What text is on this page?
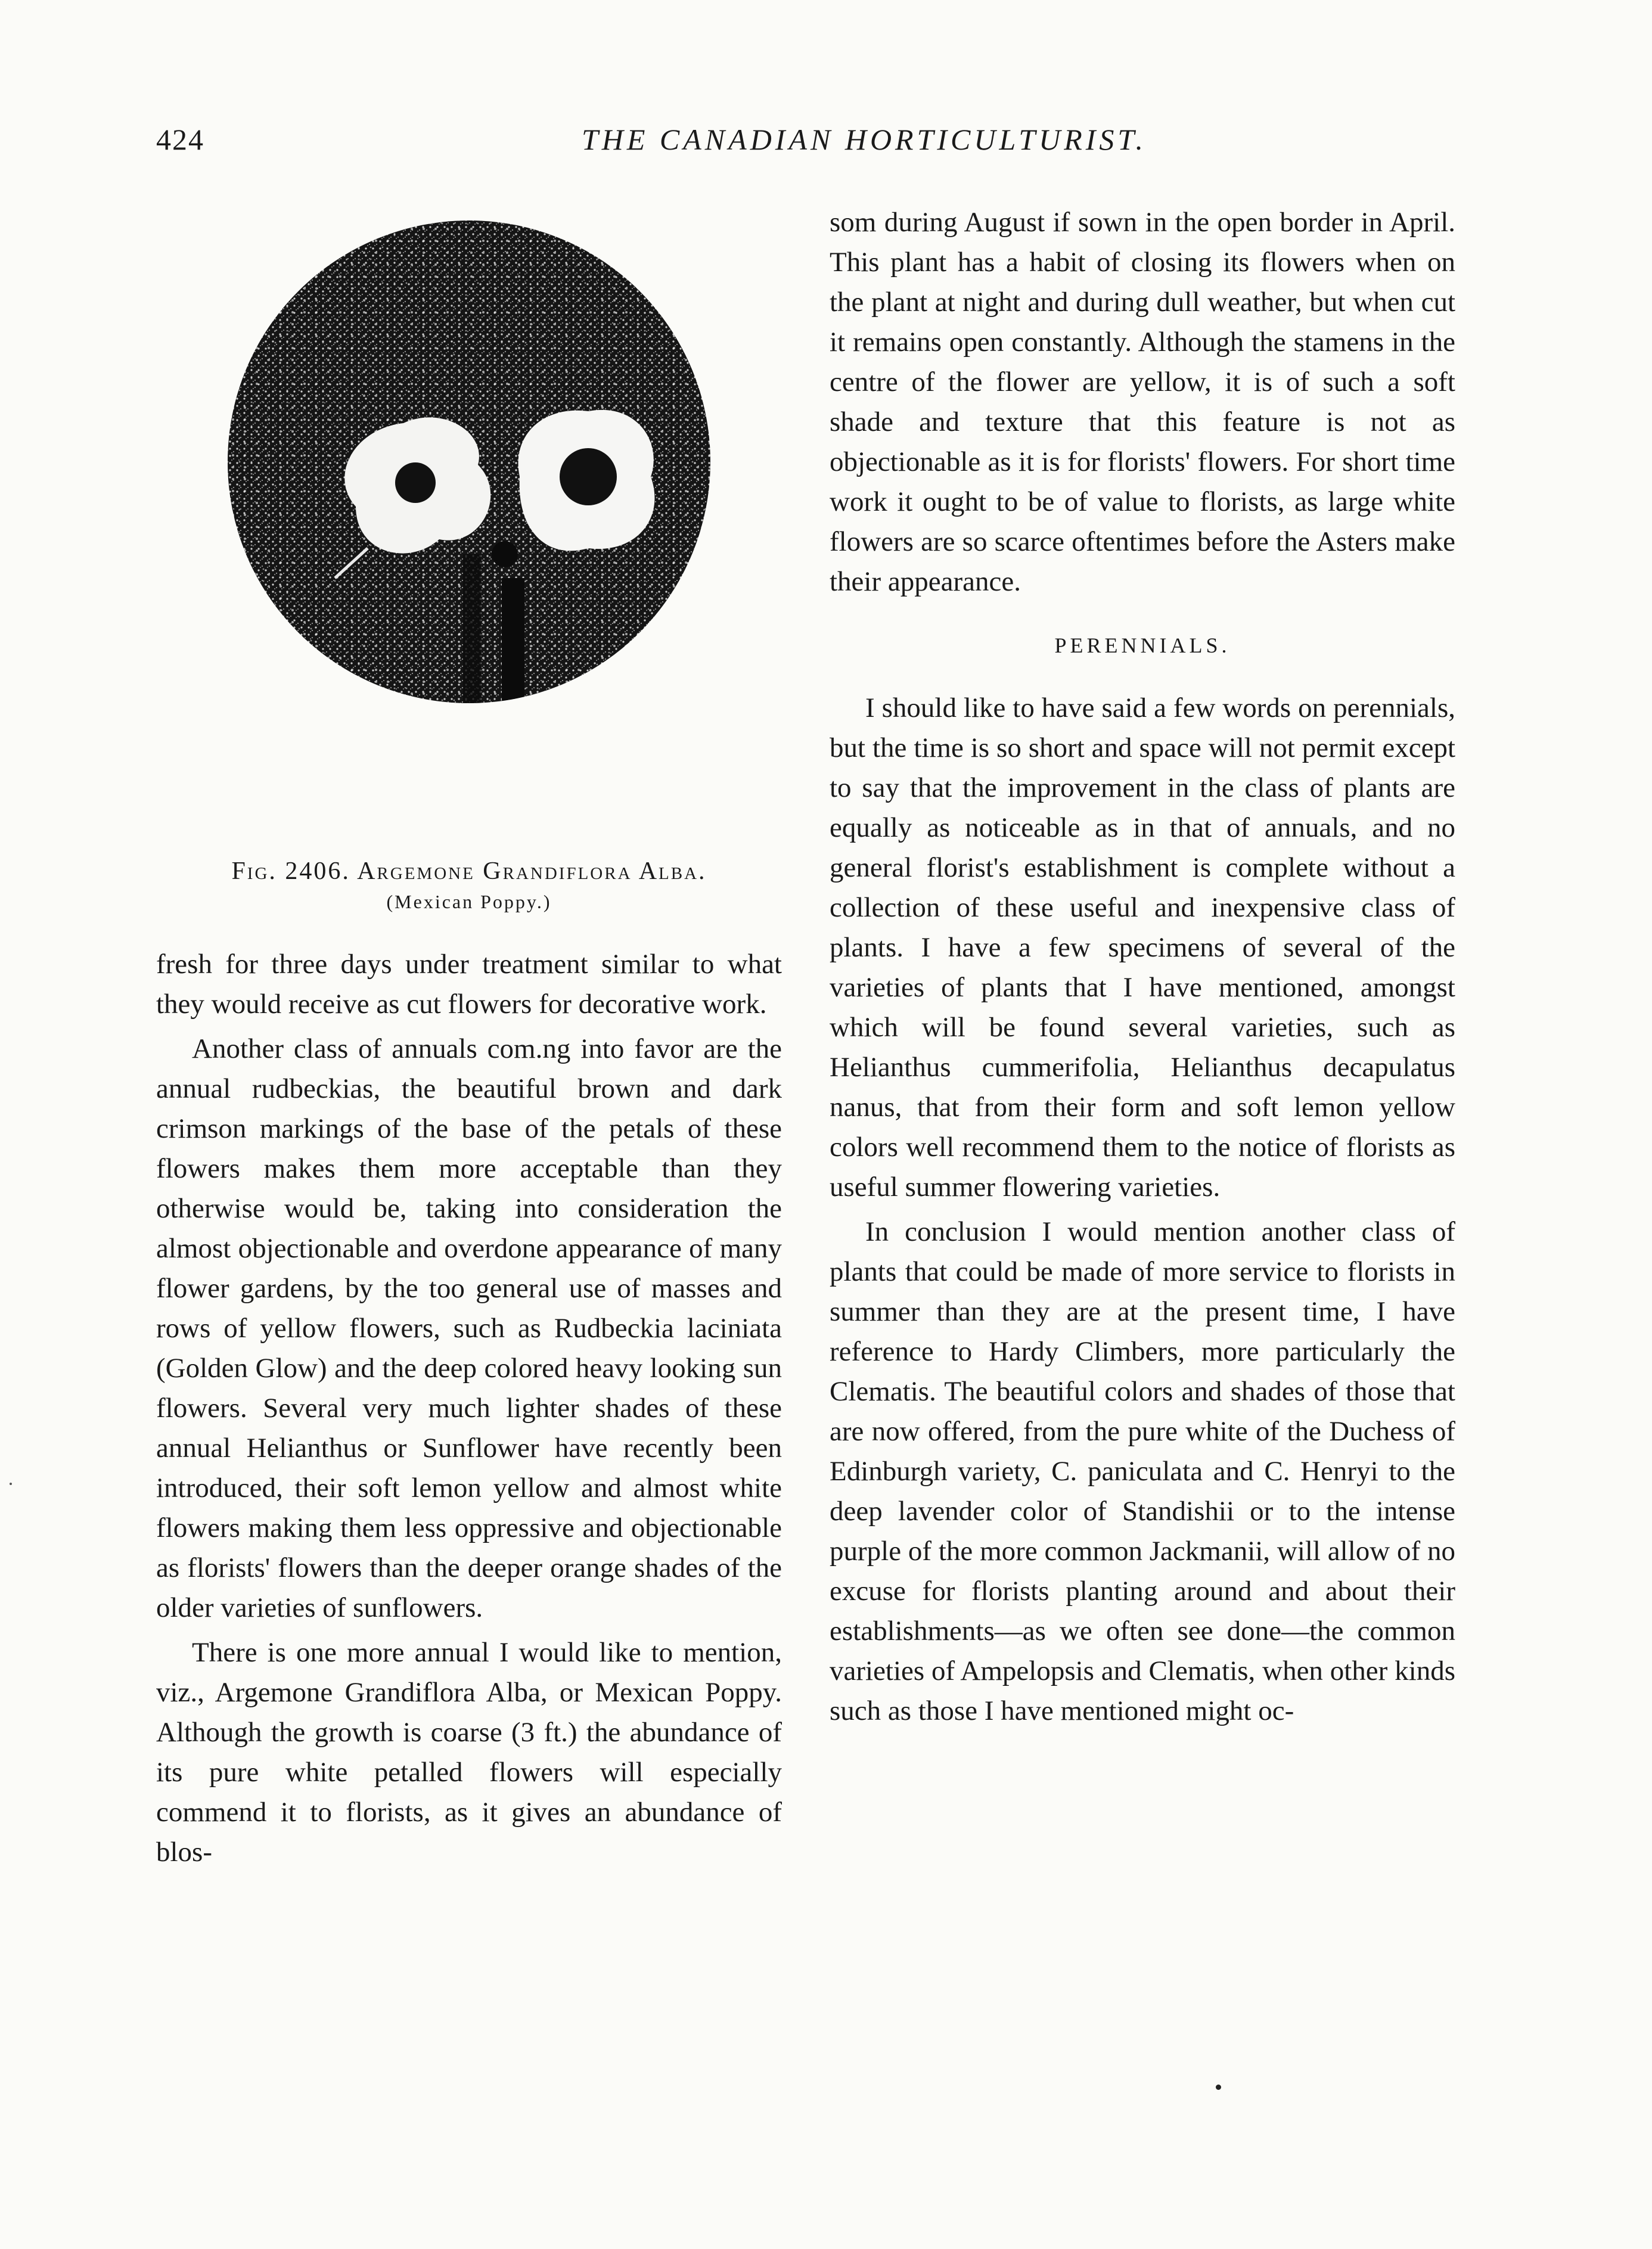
424	THE CANADIAN HORTICULTURIST.
Fig. 2406. Argemone Grandiflora Alba.
(Mexican Poppy.)

fresh for three days under treatment similar to what they would receive as cut flowers for decorative work.

Another class of annuals com.ng into favor are the annual rudbeckias, the beautiful brown and dark crimson markings of the base of the petals of these flowers makes them more acceptable than they otherwise would be, taking into consideration the almost objectionable and overdone appearance of many flower gardens, by the too general use of masses and rows of yellow flowers, such as Rudbeckia laciniata (Golden Glow) and the deep colored heavy looking sun flowers. Several very much lighter shades of these annual Helianthus or Sunflower have recently been introduced, their soft lemon yellow and almost white flowers making them less oppressive and objectionable as florists' flowers than the deeper orange shades of the older varieties of sunflowers.

There is one more annual I would like to mention, viz., Argemone Grandiflora Alba, or Mexican Poppy. Although the growth is coarse (3 ft.) the abundance of its pure white petalled flowers will especially commend it to florists, as it gives an abundance of blos-

som during August if sown in the open border in April. This plant has a habit of closing its flowers when on the plant at night and during dull weather, but when cut it remains open constantly. Although the stamens in the centre of the flower are yellow, it is of such a soft shade and texture that this feature is not as objectionable as it is for florists' flowers. For short time work it ought to be of value to florists, as large white flowers are so scarce oftentimes before the Asters make their appearance.

PERENNIALS.

I should like to have said a few words on perennials, but the time is so short and space will not permit except to say that the improvement in the class of plants are equally as noticeable as in that of annuals, and no general florist's establishment is complete without a collection of these useful and inexpensive class of plants. I have a few specimens of several of the varieties of plants that I have mentioned, amongst which will be found several varieties, such as Helianthus cummerifolia, Helianthus decapulatus nanus, that from their form and soft lemon yellow colors well recommend them to the notice of florists as useful summer flowering varieties.

In conclusion I would mention another class of plants that could be made of more service to florists in summer than they are at the present time, I have reference to Hardy Climbers, more particularly the Clematis. The beautiful colors and shades of those that are now offered, from the pure white of the Duchess of Edinburgh variety, C. paniculata and C. Henryi to the deep lavender color of Standishii or to the intense purple of the more common Jackmanii, will allow of no excuse for florists planting around and about their establishments—as we often see done—the common varieties of Ampelopsis and Clematis, when other kinds such as those I have mentioned might oc-
